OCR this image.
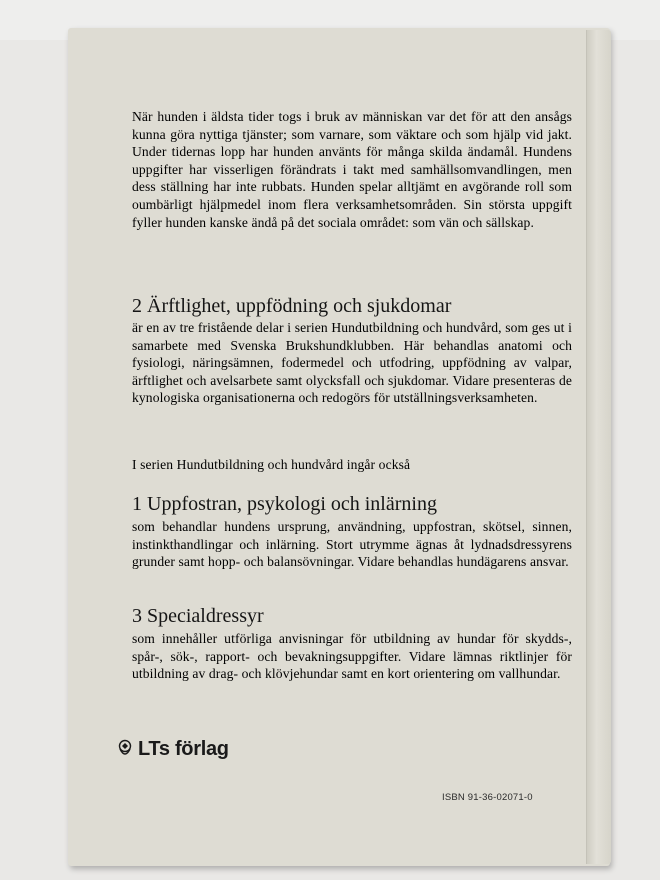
När hunden i äldsta tider togs i bruk av människan var det för att den ansågs kunna göra nyttiga tjänster; som varnare, som väktare och som hjälp vid jakt. Under tidernas lopp har hunden använts för många skilda ändamål. Hundens uppgifter har visserligen förändrats i takt med samhällsomvandlingen, men dess ställning har inte rubbats. Hunden spelar alltjämt en avgörande roll som oumbärligt hjälpmedel inom flera verksamhetsområden. Sin största uppgift fyller hunden kanske ändå på det sociala området: som vän och sällskap.

2 Ärftlighet, uppfödning och sjukdomar

är en av tre fristående delar i serien Hundutbildning och hundvård, som ges ut i samarbete med Svenska Brukshundklubben. Här behandlas anatomi och fysiologi, näringsämnen, fodermedel och utfodring, uppfödning av valpar, ärftlighet och avelsarbete samt olycksfall och sjukdomar. Vidare presenteras de kynologiska organisationerna och redogörs för utställningsverksamheten.

I serien Hundutbildning och hundvård ingår också

1 Uppfostran, psykologi och inlärning

som behandlar hundens ursprung, användning, uppfostran, skötsel, sinnen, instinkthandlingar och inlärning. Stort utrymme ägnas åt lydnadsdressyrens grunder samt hopp- och balansövningar. Vidare behandlas hundägarens ansvar.

3 Specialdressyr

som innehåller utförliga anvisningar för utbildning av hundar för skydds-, spår-, sök-, rapport- och bevakningsuppgifter. Vidare lämnas riktlinjer för utbildning av drag- och klövjehundar samt en kort orientering om vallhundar.

LTs förlag
ISBN 91-36-02071-0
